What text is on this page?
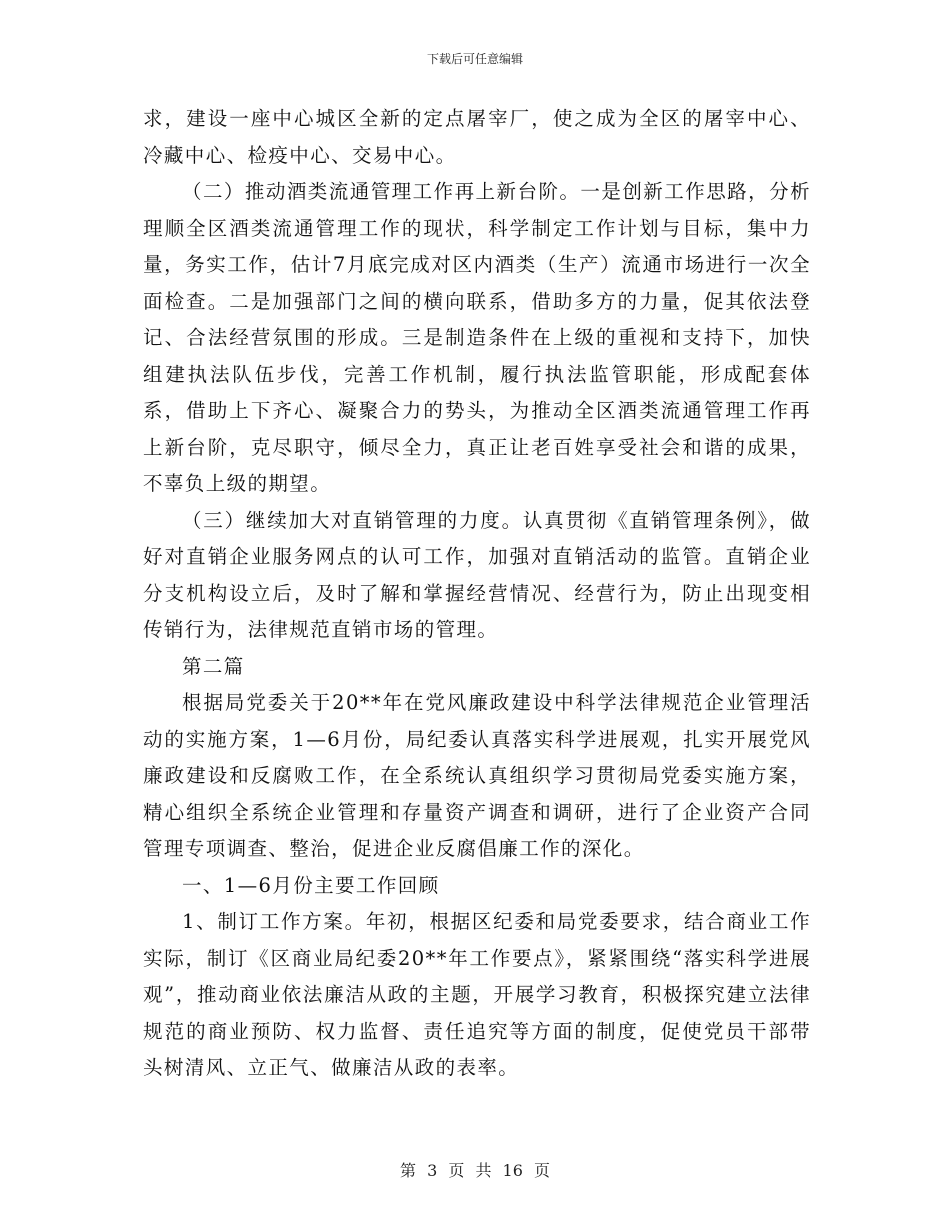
下载后可任意编辑

求，建设一座中心城区全新的定点屠宰厂，使之成为全区的屠宰中心、冷藏中心、检疫中心、交易中心。

（二）推动酒类流通管理工作再上新台阶。一是创新工作思路，分析理顺全区酒类流通管理工作的现状，科学制定工作计划与目标，集中力量，务实工作，估计7月底完成对区内酒类（生产）流通市场进行一次全面检查。二是加强部门之间的横向联系，借助多方的力量，促其依法登记、合法经营氛围的形成。三是制造条件在上级的重视和支持下，加快组建执法队伍步伐，完善工作机制，履行执法监管职能，形成配套体系，借助上下齐心、凝聚合力的势头，为推动全区酒类流通管理工作再上新台阶，克尽职守，倾尽全力，真正让老百姓享受社会和谐的成果，不辜负上级的期望。

（三）继续加大对直销管理的力度。认真贯彻《直销管理条例》，做好对直销企业服务网点的认可工作，加强对直销活动的监管。直销企业分支机构设立后，及时了解和掌握经营情况、经营行为，防止出现变相传销行为，法律规范直销市场的管理。

第二篇

根据局党委关于20**年在党风廉政建设中科学法律规范企业管理活动的实施方案，1—6月份，局纪委认真落实科学进展观，扎实开展党风廉政建设和反腐败工作，在全系统认真组织学习贯彻局党委实施方案，精心组织全系统企业管理和存量资产调查和调研，进行了企业资产合同管理专项调查、整治，促进企业反腐倡廉工作的深化。

一、1—6月份主要工作回顾

1、制订工作方案。年初，根据区纪委和局党委要求，结合商业工作实际，制订《区商业局纪委20**年工作要点》，紧紧围绕“落实科学进展观”，推动商业依法廉洁从政的主题，开展学习教育，积极探究建立法律规范的商业预防、权力监督、责任追究等方面的制度，促使党员干部带头树清风、立正气、做廉洁从政的表率。

第 3 页 共 16 页
